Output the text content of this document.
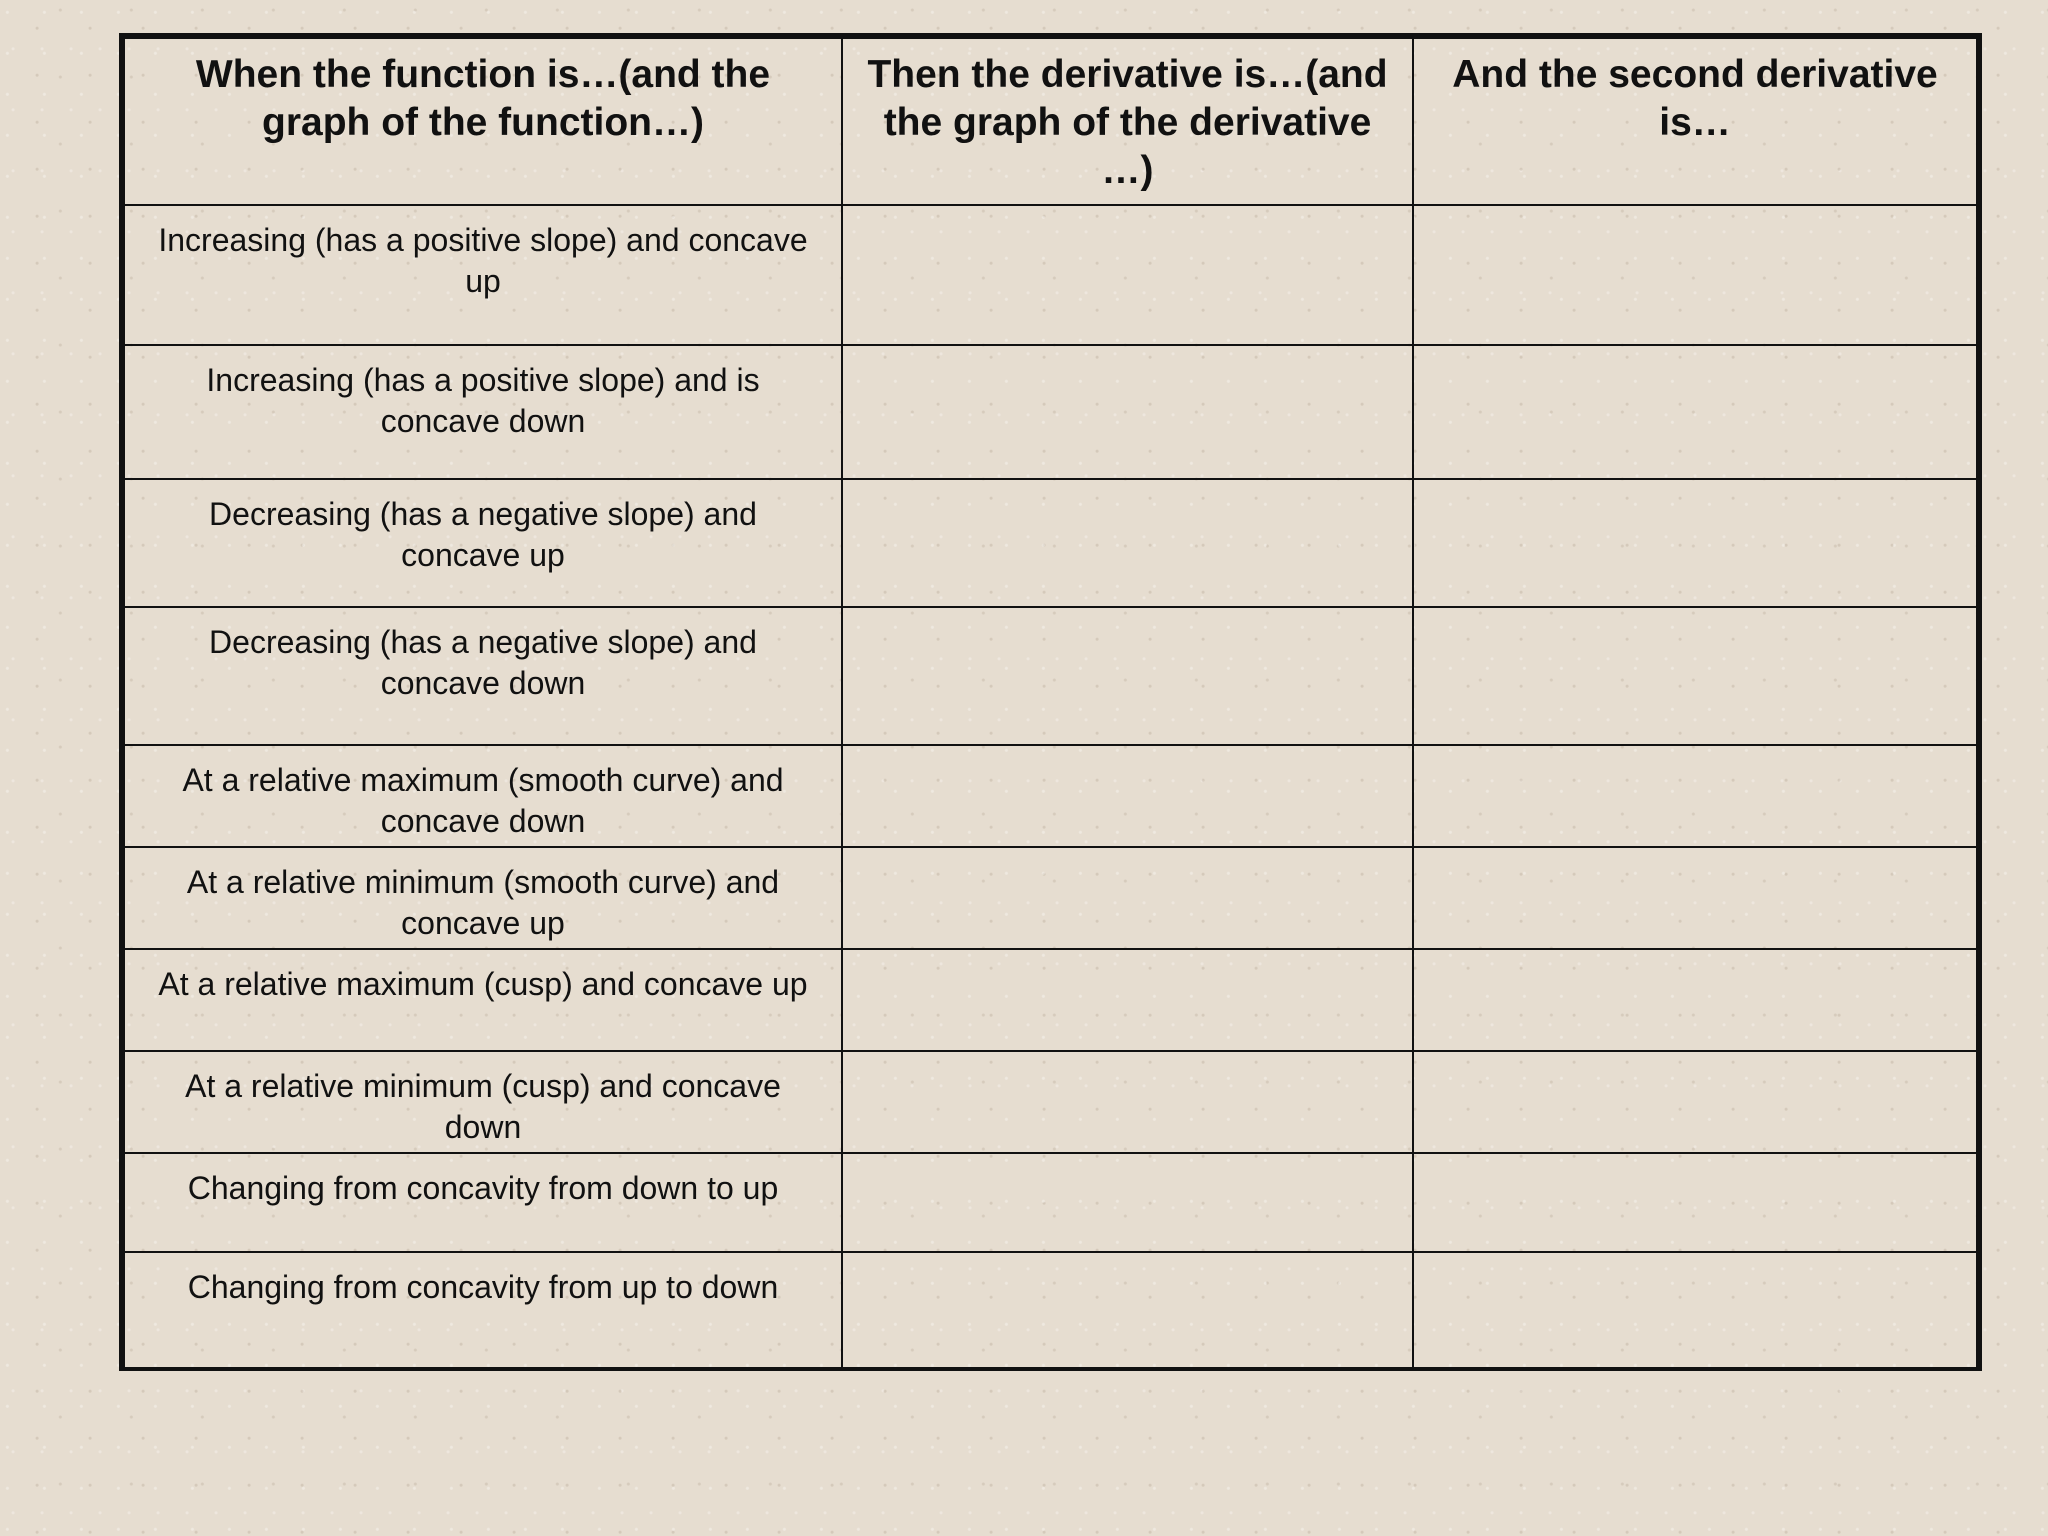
When the function is…(and the graph of the function…)	Then the derivative is…(and the graph of the derivative …)	And the second derivative is…
Increasing (has a positive slope) and concave up		
Increasing (has a positive slope) and is concave down		
Decreasing (has a negative slope) and concave up		
Decreasing (has a negative slope) and concave down		
At a relative maximum (smooth curve) and concave down		
At a relative minimum (smooth curve) and concave up		
At a relative maximum (cusp) and concave up		
At a relative minimum (cusp) and concave down		
Changing from concavity from down to up		
Changing from concavity from up to down		
